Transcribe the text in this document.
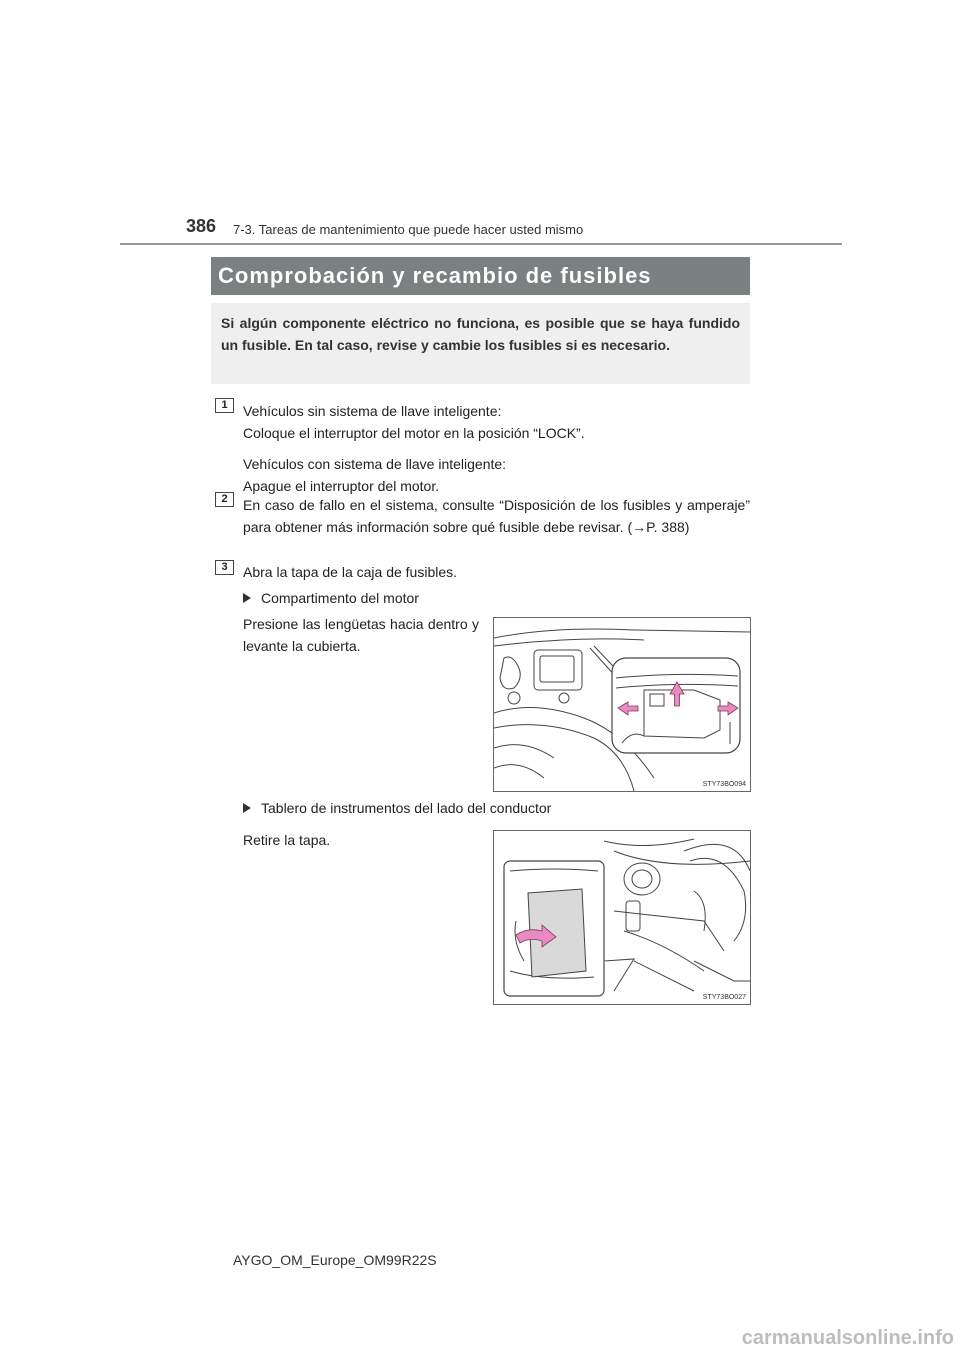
386 7-3. Tareas de mantenimiento que puede hacer usted mismo
Comprobación y recambio de fusibles
Si algún componente eléctrico no funciona, es posible que se haya fundido un fusible. En tal caso, revise y cambie los fusibles si es necesario.
1	Vehículos sin sistema de llave inteligente:
Coloque el interruptor del motor en la posición “LOCK”.
Vehículos con sistema de llave inteligente:
Apague el interruptor del motor.
2	En caso de fallo en el sistema, consulte “Disposición de los fusibles y amperaje” para obtener más información sobre qué fusible debe revisar. (→P. 388)
3	Abra la tapa de la caja de fusibles.
Compartimento del motor
Presione las lengüetas hacia dentro y levante la cubierta.
STY73BO094
Tablero de instrumentos del lado del conductor
Retire la tapa.
STY73BO027
AYGO_OM_Europe_OM99R22S
carmanualsonline.info
